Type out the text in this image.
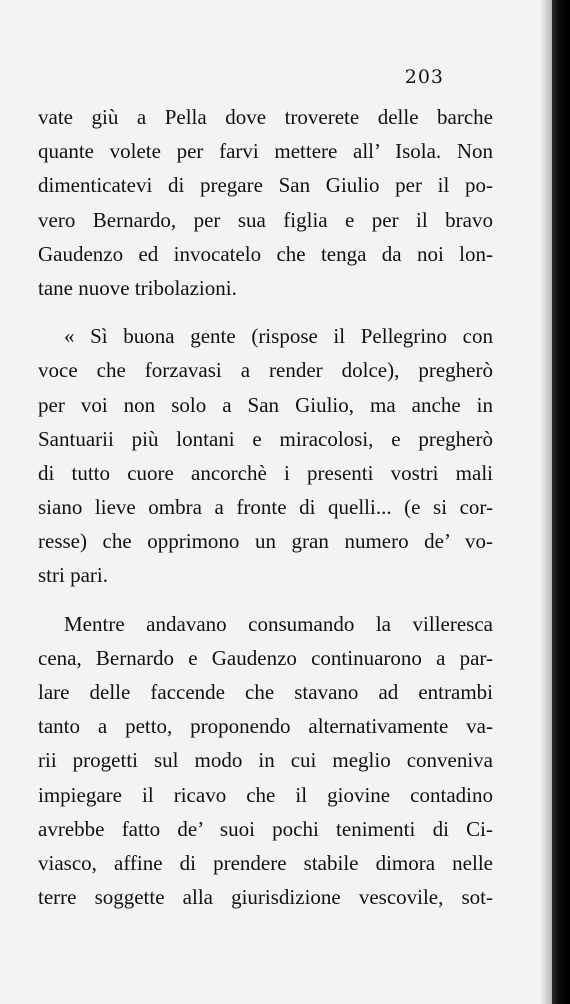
203
vate giù a Pella dove troverete delle barche
quante volete per farvi mettere all’ Isola. Non
dimenticatevi di pregare San Giulio per il po-
vero Bernardo, per sua figlia e per il bravo
Gaudenzo ed invocatelo che tenga da noi lon-
tane nuove tribolazioni.
« Sì buona gente (rispose il Pellegrino con
voce che forzavasi a render dolce), pregherò
per voi non solo a San Giulio, ma anche in
Santuarii più lontani e miracolosi, e pregherò
di tutto cuore ancorchè i presenti vostri mali
siano lieve ombra a fronte di quelli... (e si cor-
resse) che opprimono un gran numero de’ vo-
stri pari.
Mentre andavano consumando la villeresca
cena, Bernardo e Gaudenzo continuarono a par-
lare delle faccende che stavano ad entrambi
tanto a petto, proponendo alternativamente va-
rii progetti sul modo in cui meglio conveniva
impiegare il ricavo che il giovine contadino
avrebbe fatto de’ suoi pochi tenimenti di Ci-
viasco, affine di prendere stabile dimora nelle
terre soggette alla giurisdizione vescovile, sot-
